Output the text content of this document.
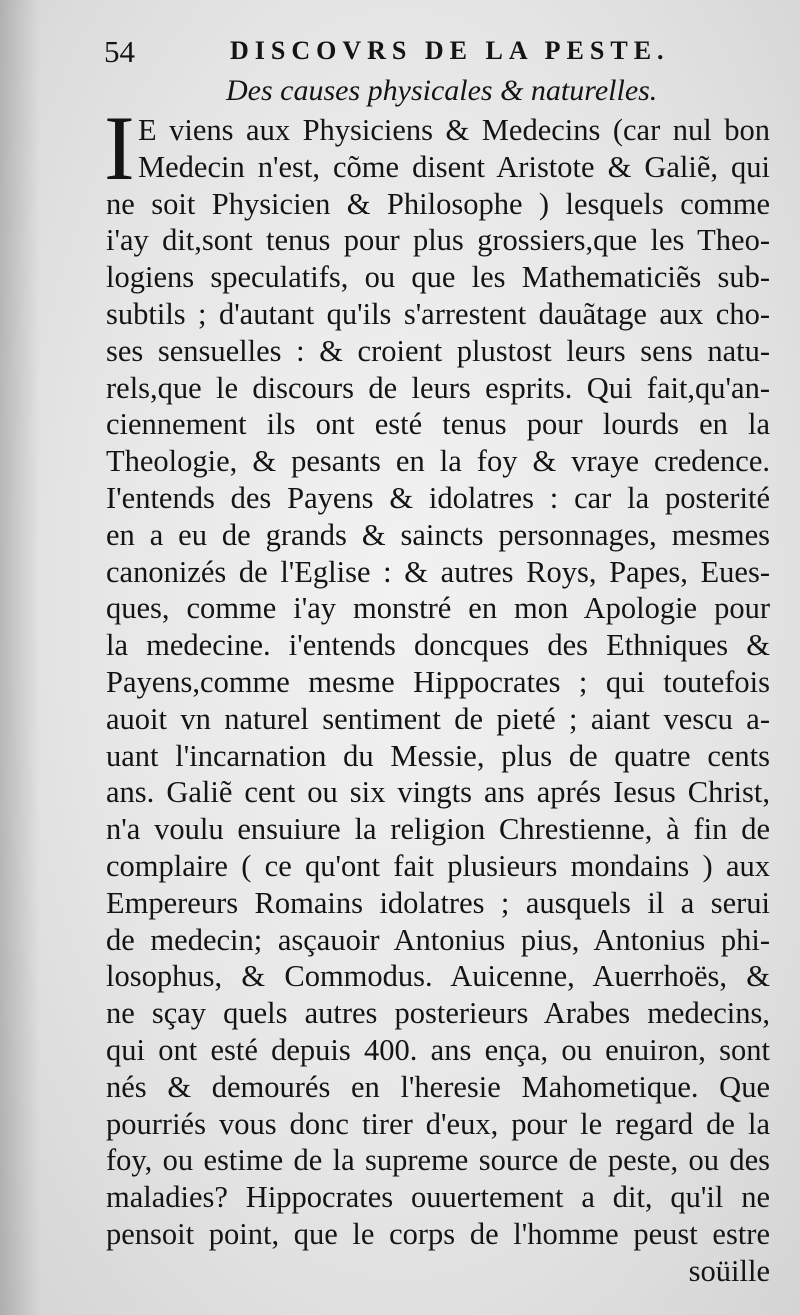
54	DISCOVRS DE LA PESTE.
Des causes physicales & naturelles.
I E viens aux Physiciens & Medecins (car nul bon
Medecin n'est, cõme disent Aristote & Galiẽ, qui
ne soit Physicien & Philosophe ) lesquels comme
i'ay dit,sont tenus pour plus grossiers,que les Theo-
logiens speculatifs, ou que les Mathematiciẽs sub-
subtils ; d'autant qu'ils s'arrestent dauãtage aux cho-
ses sensuelles : & croient plustost leurs sens natu-
rels,que le discours de leurs esprits. Qui fait,qu'an-
ciennement ils ont esté tenus pour lourds en la
Theologie, & pesants en la foy & vraye credence.
I'entends des Payens & idolatres : car la posterité
en a eu de grands & saincts personnages, mesmes
canonizés de l'Eglise : & autres Roys, Papes, Eues-
ques, comme i'ay monstré en mon Apologie pour
la medecine. i'entends doncques des Ethniques &
Payens,comme mesme Hippocrates ; qui toutefois
auoit vn naturel sentiment de pieté ; aiant vescu a-
uant l'incarnation du Messie, plus de quatre cents
ans. Galiẽ cent ou six vingts ans aprés Iesus Christ,
n'a voulu ensuiure la religion Chrestienne, à fin de
complaire ( ce qu'ont fait plusieurs mondains ) aux
Empereurs Romains idolatres ; ausquels il a serui
de medecin; asçauoir Antonius pius, Antonius phi-
losophus, & Commodus. Auicenne, Auerrhoës, &
ne sçay quels autres posterieurs Arabes medecins,
qui ont esté depuis 400. ans ença, ou enuiron, sont
nés & demourés en l'heresie Mahometique. Que
pourriés vous donc tirer d'eux, pour le regard de la
foy, ou estime de la supreme source de peste, ou des
maladies? Hippocrates ouuertement a dit, qu'il ne
pensoit point, que le corps de l'homme peust estre
soüille
